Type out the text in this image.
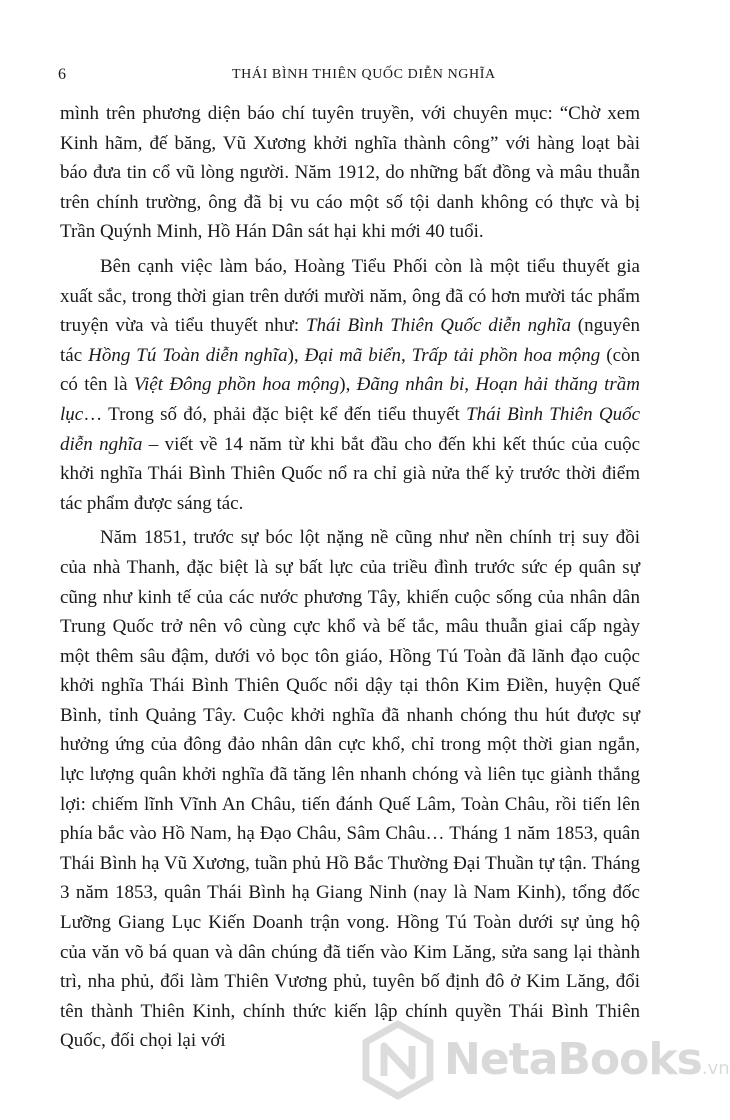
6	THÁI BÌNH THIÊN QUỐC DIỄN NGHĨA

mình trên phương diện báo chí tuyên truyền, với chuyên mục: “Chờ xem Kinh hãm, đế băng, Vũ Xương khởi nghĩa thành công” với hàng loạt bài báo đưa tin cổ vũ lòng người. Năm 1912, do những bất đồng và mâu thuẫn trên chính trường, ông đã bị vu cáo một số tội danh không có thực và bị Trần Quýnh Minh, Hồ Hán Dân sát hại khi mới 40 tuổi.

Bên cạnh việc làm báo, Hoàng Tiểu Phối còn là một tiểu thuyết gia xuất sắc, trong thời gian trên dưới mười năm, ông đã có hơn mười tác phẩm truyện vừa và tiểu thuyết như: Thái Bình Thiên Quốc diễn nghĩa (nguyên tác Hồng Tú Toàn diễn nghĩa), Đại mã biển, Trấp tải phồn hoa mộng (còn có tên là Việt Đông phồn hoa mộng), Đãng nhân bi, Hoạn hải thăng trầm lục… Trong số đó, phải đặc biệt kể đến tiểu thuyết Thái Bình Thiên Quốc diễn nghĩa – viết về 14 năm từ khi bắt đầu cho đến khi kết thúc của cuộc khởi nghĩa Thái Bình Thiên Quốc nổ ra chỉ già nửa thế kỷ trước thời điểm tác phẩm được sáng tác.

Năm 1851, trước sự bóc lột nặng nề cũng như nền chính trị suy đồi của nhà Thanh, đặc biệt là sự bất lực của triều đình trước sức ép quân sự cũng như kinh tế của các nước phương Tây, khiến cuộc sống của nhân dân Trung Quốc trở nên vô cùng cực khổ và bế tắc, mâu thuẫn giai cấp ngày một thêm sâu đậm, dưới vỏ bọc tôn giáo, Hồng Tú Toàn đã lãnh đạo cuộc khởi nghĩa Thái Bình Thiên Quốc nổi dậy tại thôn Kim Điền, huyện Quế Bình, tỉnh Quảng Tây. Cuộc khởi nghĩa đã nhanh chóng thu hút được sự hưởng ứng của đông đảo nhân dân cực khổ, chỉ trong một thời gian ngắn, lực lượng quân khởi nghĩa đã tăng lên nhanh chóng và liên tục giành thắng lợi: chiếm lĩnh Vĩnh An Châu, tiến đánh Quế Lâm, Toàn Châu, rồi tiến lên phía bắc vào Hồ Nam, hạ Đạo Châu, Sâm Châu… Tháng 1 năm 1853, quân Thái Bình hạ Vũ Xương, tuần phủ Hồ Bắc Thường Đại Thuần tự tận. Tháng 3 năm 1853, quân Thái Bình hạ Giang Ninh (nay là Nam Kinh), tổng đốc Lưỡng Giang Lục Kiến Doanh trận vong. Hồng Tú Toàn dưới sự ủng hộ của văn võ bá quan và dân chúng đã tiến vào Kim Lăng, sửa sang lại thành trì, nha phủ, đổi làm Thiên Vương phủ, tuyên bố định đô ở Kim Lăng, đổi tên thành Thiên Kinh, chính thức kiến lập chính quyền Thái Bình Thiên Quốc, đối chọi lại với	NetaBooks.vn
